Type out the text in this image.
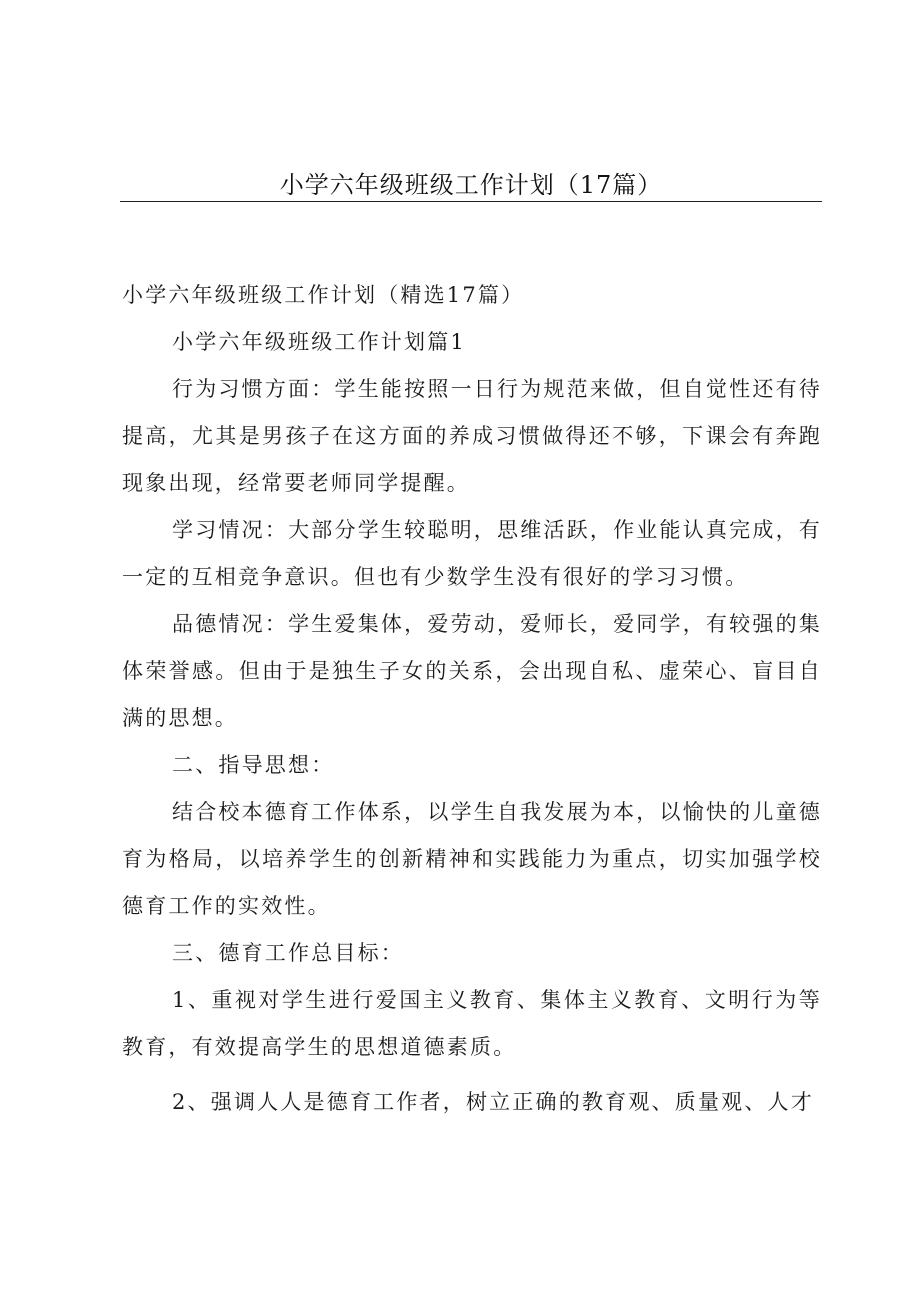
小学六年级班级工作计划（17篇）

小学六年级班级工作计划（精选17篇）

小学六年级班级工作计划篇1

行为习惯方面：学生能按照一日行为规范来做，但自觉性还有待提高，尤其是男孩子在这方面的养成习惯做得还不够，下课会有奔跑现象出现，经常要老师同学提醒。

学习情况：大部分学生较聪明，思维活跃，作业能认真完成，有一定的互相竞争意识。但也有少数学生没有很好的学习习惯。

品德情况：学生爱集体，爱劳动，爱师长，爱同学，有较强的集体荣誉感。但由于是独生子女的关系，会出现自私、虚荣心、盲目自满的思想。

二、指导思想：

结合校本德育工作体系，以学生自我发展为本，以愉快的儿童德育为格局，以培养学生的创新精神和实践能力为重点，切实加强学校德育工作的实效性。

三、德育工作总目标：

1、重视对学生进行爱国主义教育、集体主义教育、文明行为等教育，有效提高学生的思想道德素质。

2、强调人人是德育工作者，树立正确的教育观、质量观、人才
